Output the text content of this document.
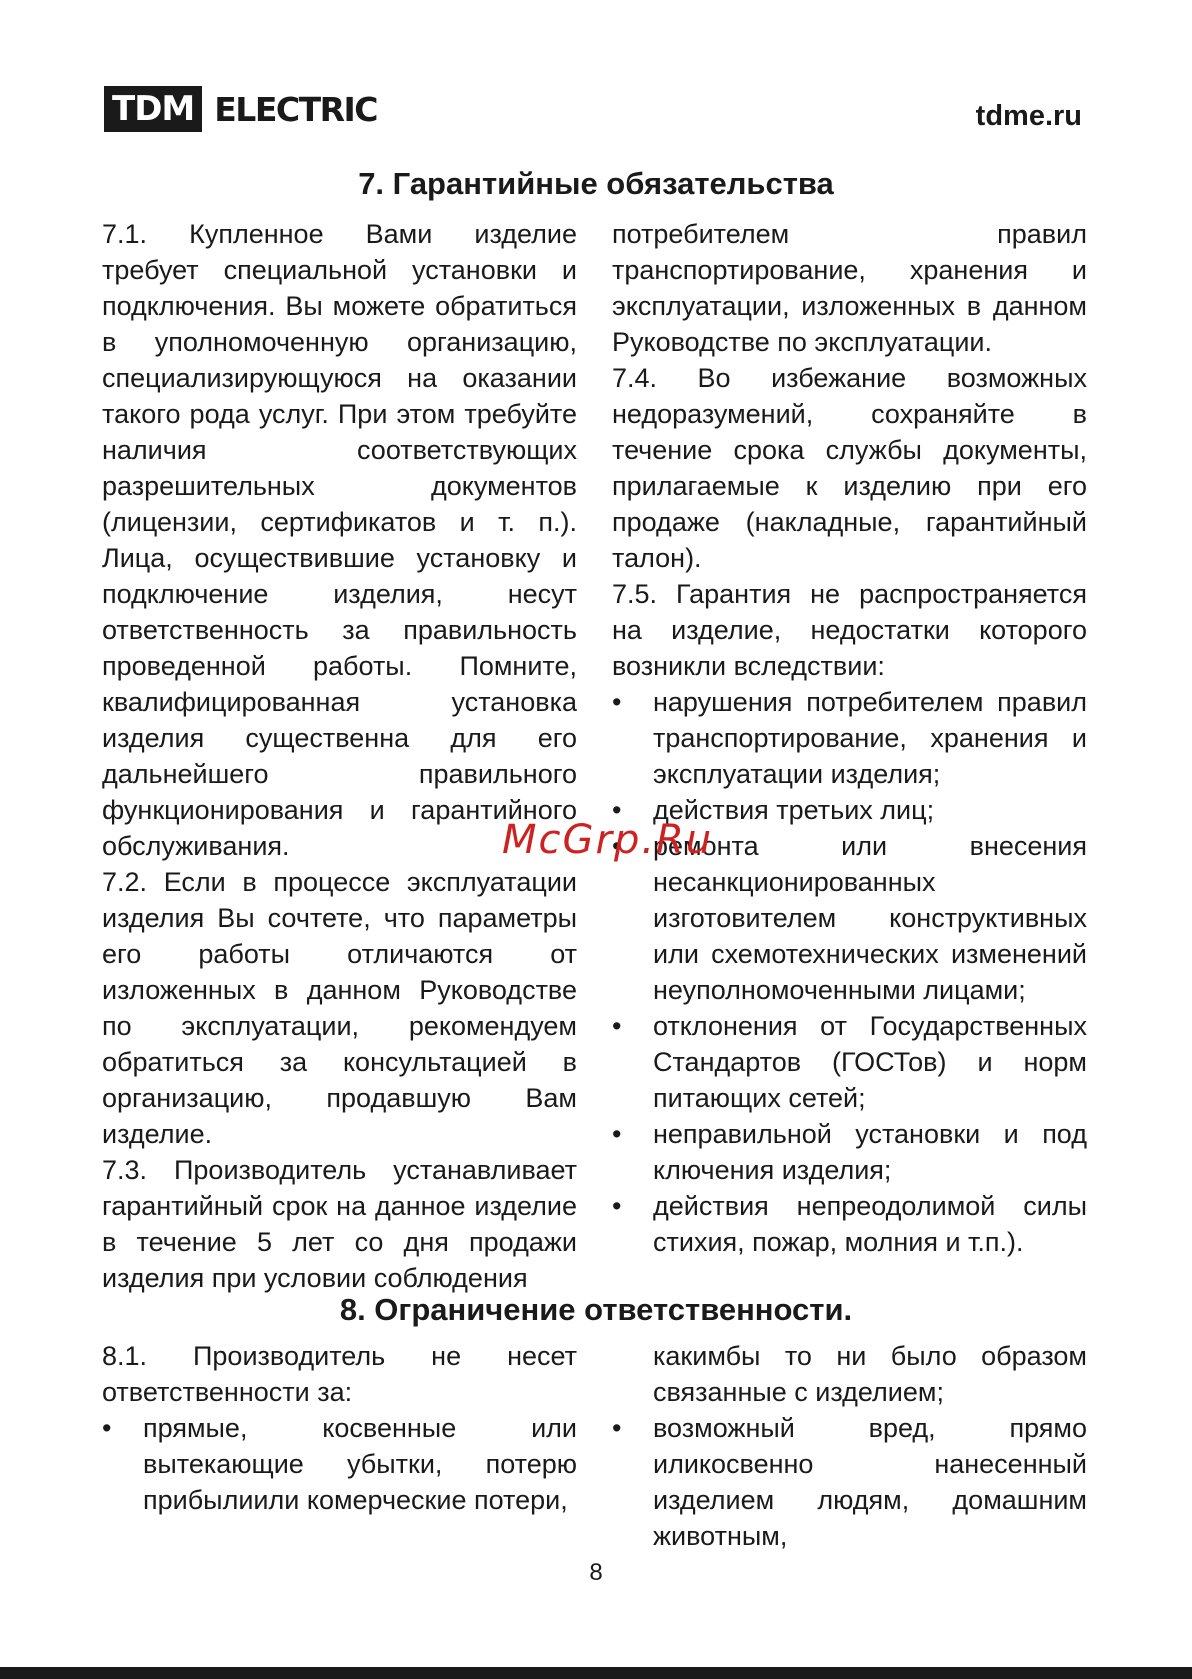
TDM ELECTRIC	tdme.ru
7. Гарантийные обязательства

7.1. Купленное Вами изделие требует специальной установки и подключения. Вы можете обратиться в уполномоченную организацию, специализирующуюся на оказании такого рода услуг. При этом требуйте наличия соответствующих разрешительных документов (лицензии, сертификатов и т. п.). Лица, осуществившие установку и подключение изделия, несут ответственность за правильность проведенной работы. Помните, квалифицированная установка изделия существенна для его дальнейшего правильного функционирования и гарантийного обслуживания.

7.2. Если в процессе эксплуатации изделия Вы сочтете, что параметры его работы отличаются от изложенных в данном Руководстве по эксплуатации, рекомендуем обратиться за консультацией в организацию, продавшую Вам изделие.

7.3. Производитель устанавливает гарантийный срок на данное изделие в течение 5 лет со дня продажи изделия при условии соблюдения

потребителем правил транспортирование, хранения и эксплуатации, изложенных в данном Руководстве по эксплуатации.

7.4. Во избежание возможных недоразумений, сохраняйте в течение срока службы документы, прилагаемые к изделию при его продаже (накладные, гарантийный талон).

7.5. Гарантия не распространяется на изделие, недостатки которого возникли вследствии:

• нарушения потребителем правил транспортирование, хранения и эксплуатации изделия;

• действия третьих лиц;

• ремонта или внесения несанкционированных изготовителем конструктивных или схемотехнических изменений неуполномоченными лицами;

• отклонения от Государственных Стандартов (ГОСТов) и норм питающих сетей;

• неправильной установки и под ключения изделия;

• действия непреодолимой силы стихия, пожар, молния и т.п.).

8. Ограничение ответственности.

8.1. Производитель не несет ответственности за:

• прямые, косвенные или вытекающие убытки, потерю прибылиили комерческие потери,

какимбы то ни было образом связанные с изделием;

• возможный вред, прямо иликосвенно нанесенный изделием людям, домашним животным,

McGrp.Ru
8
